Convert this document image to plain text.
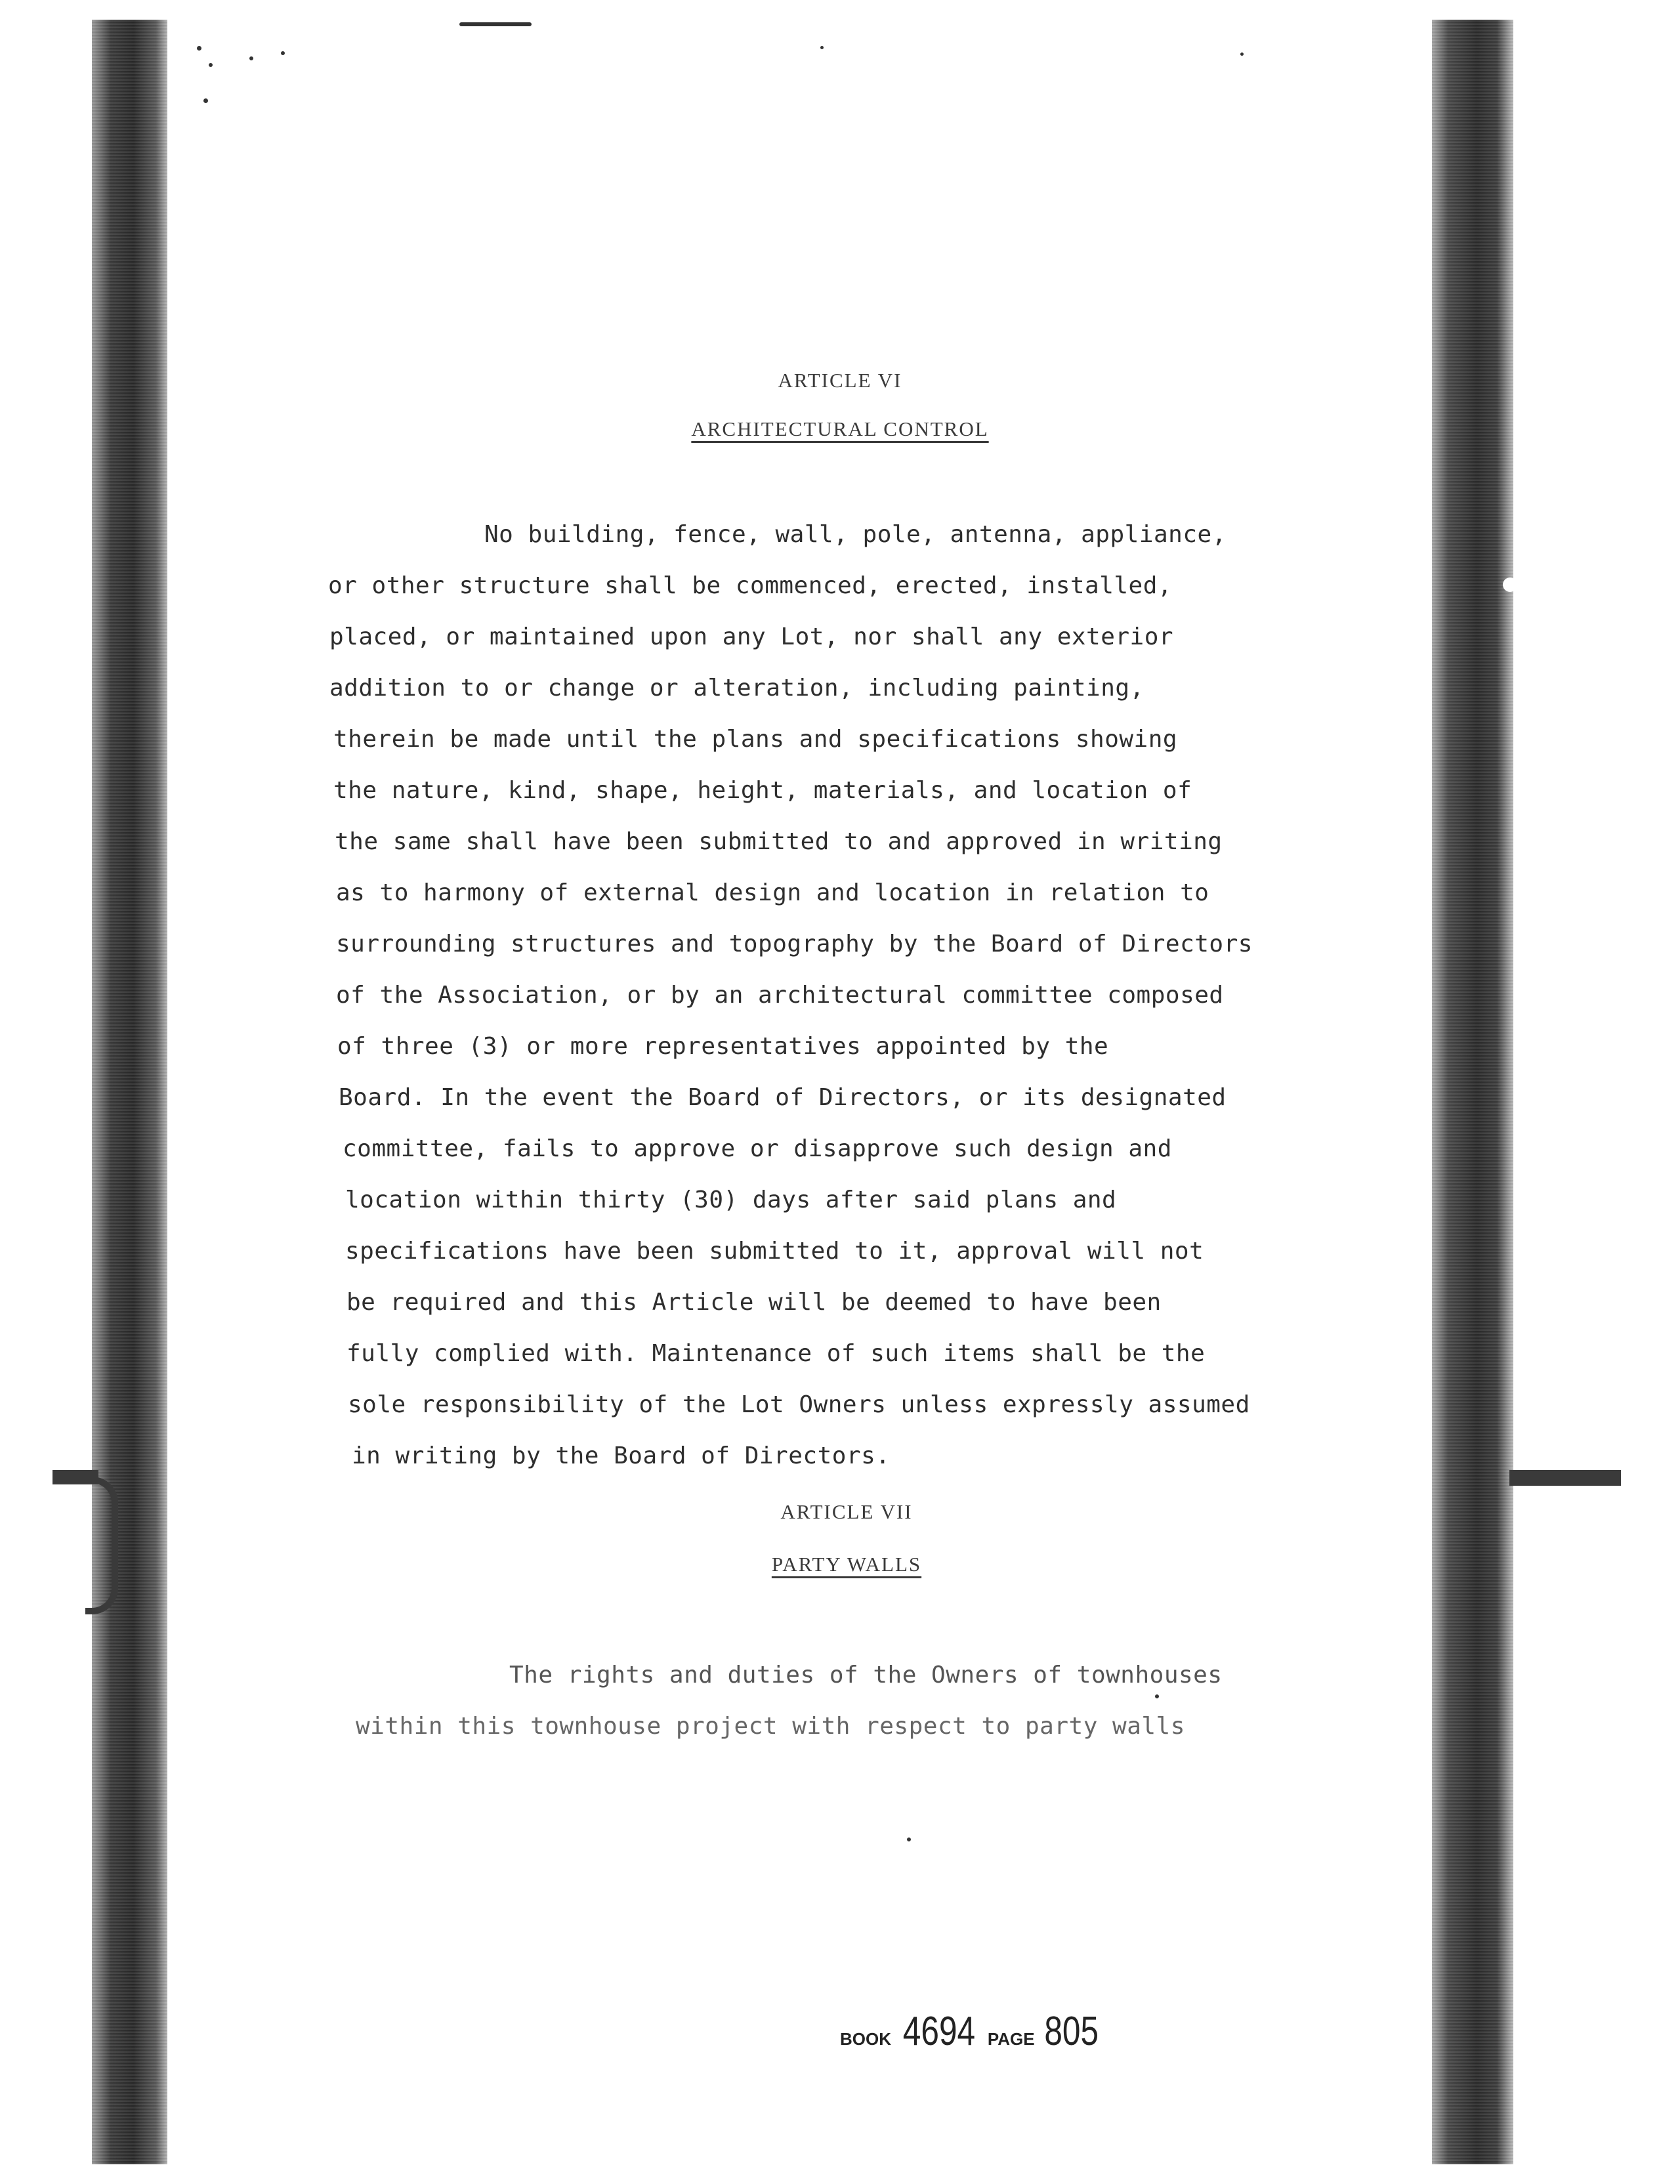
ARTICLE VI
ARCHITECTURAL CONTROL
No building, fence, wall, pole, antenna, appliance,
or other structure shall be commenced, erected, installed,
placed, or maintained upon any Lot, nor shall any exterior
addition to or change or alteration, including painting,
therein be made until the plans and specifications showing
the nature, kind, shape, height, materials, and location of
the same shall have been submitted to and approved in writing
as to harmony of external design and location in relation to
surrounding structures and topography by the Board of Directors
of the Association, or by an architectural committee composed
of three (3) or more representatives appointed by the
Board. In the event the Board of Directors, or its designated
committee, fails to approve or disapprove such design and
location within thirty (30) days after said plans and
specifications have been submitted to it, approval will not
be required and this Article will be deemed to have been
fully complied with. Maintenance of such items shall be the
sole responsibility of the Lot Owners unless expressly assumed
in writing by the Board of Directors.
ARTICLE VII
PARTY WALLS
The rights and duties of the Owners of townhouses
within this townhouse project with respect to party walls
BOOK 4694 PAGE 805
